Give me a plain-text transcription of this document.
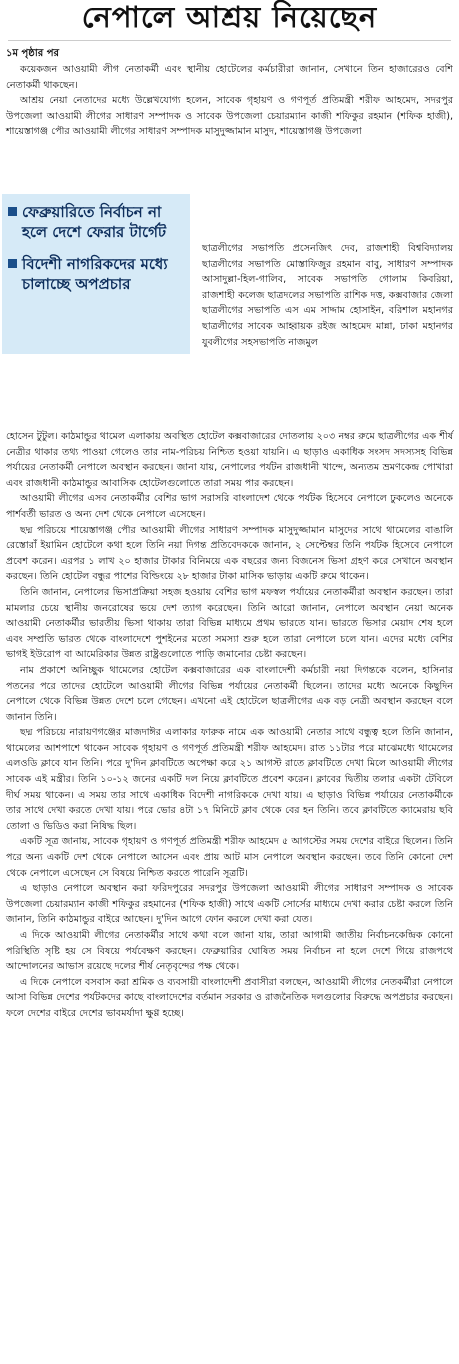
নেপালে আশ্রয় নিয়েছেন
১ম পৃষ্ঠার পর

কয়েকজন আওয়ামী লীগ নেতাকর্মী এবং স্থানীয় হোটেলের কর্মচারীরা জানান, সেখানে তিন হাজারেরও বেশি নেতাকর্মী থাকছেন।

আশ্রয় নেয়া নেতাদের মধ্যে উল্লেখযোগ্য হলেন, সাবেক গৃহায়ণ ও গণপূর্ত প্রতিমন্ত্রী শরীফ আহমেদ, সদরপুর উপজেলা আওয়ামী লীগের সাধারণ সম্পাদক ও সাবেক উপজেলা চেয়ারম্যান কাজী শফিকুর রহমান (শফিক হাজী), শায়েস্তাগঞ্জ পৌর আওয়ামী লীগের সাধারণ সম্পাদক মাসুদুজ্জামান মাসুদ, শায়েস্তাগঞ্জ উপজেলা

ফেব্রুয়ারিতে নির্বাচন না হলে দেশে ফেরার টার্গেট
বিদেশী নাগরিকদের মধ্যে চালাচ্ছে অপপ্রচার

ছাত্রলীগের সভাপতি প্রসেনজিৎ দেব, রাজশাহী বিশ্ববিদ্যালয় ছাত্রলীগের সভাপতি মোস্তাফিজুর রহমান বাবু, সাধারণ সম্পাদক আসাদুল্লা-হিল-গালিব, সাবেক সভাপতি গোলাম কিবরিয়া, রাজশাহী কলেজ ছাত্রদলের সভাপতি রাশিক দত্ত, কক্সবাজার জেলা ছাত্রলীগের সভাপতি এস এম সাদ্দাম হোসাইন, বরিশাল মহানগর ছাত্রলীগের সাবেক আহ্বায়ক রইজ আহমেদ মান্না, ঢাকা মহানগর যুবলীগের সহসভাপতি নাজমুল

হোসেন টুটুল। কাঠমান্ডুর থামেল এলাকায় অবস্থিত হোটেল কক্সবাজারের দোতলায় ২০৩ নম্বর রুমে ছাত্রলীগের এক শীর্ষ নেত্রীর থাকার তথ্য পাওয়া গেলেও তার নাম-পরিচয় নিশ্চিত হওয়া যায়নি। এ ছাড়াও একাধিক সংসদ সদস্যসহ বিভিন্ন পর্যায়ের নেতাকর্মী নেপালে অবস্থান করছেন। জানা যায়, নেপালের পর্যটন রাজধানী খান্দে, অন্যতম ভ্রমণকেন্দ্র পোখারা এবং রাজধানী কাঠমান্ডুর আবাসিক হোটেলগুলোতে তারা সময় পার করছেন।

আওয়ামী লীগের এসব নেতাকর্মীর বেশির ভাগ সরাসরি বাংলাদেশ থেকে পর্যটক হিসেবে নেপালে ঢুকলেও অনেকে পার্শবর্তী ভারত ও অন্য দেশ থেকে নেপালে এসেছেন।

ছদ্ম পরিচয়ে শায়েস্তাগঞ্জ পৌর আওয়ামী লীগের সাধারণ সম্পাদক মাসুদুজ্জামান মাসুদের সাথে থামেলের বাঙালি রেস্তোরাঁ ইয়ামিন হোটেলে কথা হলে তিনি নয়া দিগন্ত প্রতিবেদককে জানান, ২ সেপ্টেম্বর তিনি পর্যটক হিসেবে নেপালে প্রবেশ করেন। এরপর ১ লাখ ২০ হাজার টাকার বিনিময়ে এক বছরের জন্য বিজনেস ভিসা গ্রহণ করে সেখানে অবস্থান করছেন। তিনি হোটেল বন্ধুর পাশের বিল্ডিংয়ে ২৮ হাজার টাকা মাসিক ভাড়ায় একটি রুমে থাকেন।

তিনি জানান, নেপালের ভিসাপ্রক্রিয়া সহজ হওয়ায় বেশির ভাগ মফস্বল পর্যায়ের নেতাকর্মীরা অবস্থান করছেন। তারা মামলার চেয়ে স্থানীয় জনরোষের ভয়ে দেশ ত্যাগ করেছেন। তিনি আরো জানান, নেপালে অবস্থান নেয়া অনেক আওয়ামী নেতাকর্মীর ভারতীয় ভিসা থাকায় তারা বিভিন্ন মাধ্যমে প্রথম ভারতে যান। ভারতে ভিসার মেয়াদ শেষ হলে এবং সম্প্রতি ভারত থেকে বাংলাদেশে পুশইনের মতো সমস্যা শুরু হলে তারা নেপালে চলে যান। এদের মধ্যে বেশির ভাগই ইউরোপ বা আমেরিকার উন্নত রাষ্ট্রগুলোতে পাড়ি জমানোর চেষ্টা করছেন।

নাম প্রকাশে অনিচ্ছুক থামেলের হোটেল কক্সবাজারের এক বাংলাদেশী কর্মচারী নয়া দিগন্তকে বলেন, হাসিনার পতনের পরে তাদের হোটেলে আওয়ামী লীগের বিভিন্ন পর্যায়ের নেতাকর্মী ছিলেন। তাদের মধ্যে অনেকে কিছুদিন নেপালে থেকে বিভিন্ন উন্নত দেশে চলে গেছেন। এখনো এই হোটেলে ছাত্রলীগের এক বড় নেত্রী অবস্থান করছেন বলে জানান তিনি।

ছদ্ম পরিচয়ে নারায়ণগঞ্জের মাজদাঈর এলাকার ফারুক নামে এক আওয়ামী নেতার সাথে বন্ধুত্ব হলে তিনি জানান, থামেলের আশপাশে থাকেন সাবেক গৃহায়ণ ও গণপূর্ত প্রতিমন্ত্রী শরীফ আহমেদ। রাত ১১টার পরে মাঝেমধ্যে থামেলের এলওডি ক্লাবে যান তিনি। পরে দু'দিন ক্লাবটিতে অপেক্ষা করে ২১ আগস্ট রাতে ক্লাবটিতে দেখা মিলে আওয়ামী লীগের সাবেক এই মন্ত্রীর। তিনি ১০-১২ জনের একটি দল নিয়ে ক্লাবটিতে প্রবেশ করেন। ক্লাবের দ্বিতীয় তলার একটা টেবিলে দীর্ঘ সময় থাকেন। এ সময় তার সাথে একাধিক বিদেশী নাগরিককে দেখা যায়। এ ছাড়াও বিভিন্ন পর্যায়ের নেতাকর্মীকে তার সাথে দেখা করতে দেখা যায়। পরে ভোর ৪টা ১৭ মিনিটে ক্লাব থেকে বের হন তিনি। তবে ক্লাবটিতে ক্যামেরায় ছবি তোলা ও ভিডিও করা নিষিদ্ধ ছিল।

একটি সূত্র জানায়, সাবেক গৃহায়ণ ও গণপূর্ত প্রতিমন্ত্রী শরীফ আহমেদ ৫ আগস্টের সময় দেশের বাইরে ছিলেন। তিনি পরে অন্য একটি দেশ থেকে নেপালে আসেন এবং প্রায় আট মাস নেপালে অবস্থান করছেন। তবে তিনি কোনো দেশ থেকে নেপালে এসেছেন সে বিষয়ে নিশ্চিত করতে পারেনি সূত্রটি।

এ ছাড়াও নেপালে অবস্থান করা ফরিদপুরের সদরপুর উপজেলা আওয়ামী লীগের সাধারণ সম্পাদক ও সাবেক উপজেলা চেয়ারম্যান কাজী শফিকুর রহমানের (শফিক হাজী) সাথে একটি সোর্সের মাধ্যমে দেখা করার চেষ্টা করলে তিনি জানান, তিনি কাঠমান্ডুর বাইরে আছেন। দু'দিন আগে ফোন করলে দেখা করা যেত।

এ দিকে আওয়ামী লীগের নেতাকর্মীর সাথে কথা বলে জানা যায়, তারা আগামী জাতীয় নির্বাচনকেন্দ্রিক কোনো পরিস্থিতি সৃষ্টি হয় সে বিষয়ে পর্যবেক্ষণ করছেন। ফেব্রুয়ারির ঘোষিত সময় নির্বাচন না হলে দেশে গিয়ে রাজপথে আন্দোলনের আভাস রয়েছে দলের শীর্ষ নেতৃবৃন্দের পক্ষ থেকে।

এ দিকে নেপালে বসবাস করা শ্রমিক ও ব্যবসায়ী বাংলাদেশী প্রবাসীরা বলছেন, আওয়ামী লীগের নেতকর্মীরা নেপালে আসা বিভিন্ন দেশের পর্যটকদের কাছে বাংলাদেশের বর্তমান সরকার ও রাজনৈতিক দলগুলোর বিরুদ্ধে অপপ্রচার করছেন। ফলে দেশের বাইরে দেশের ভাবমর্যাদা ক্ষুণ্ণ হচ্ছে।
